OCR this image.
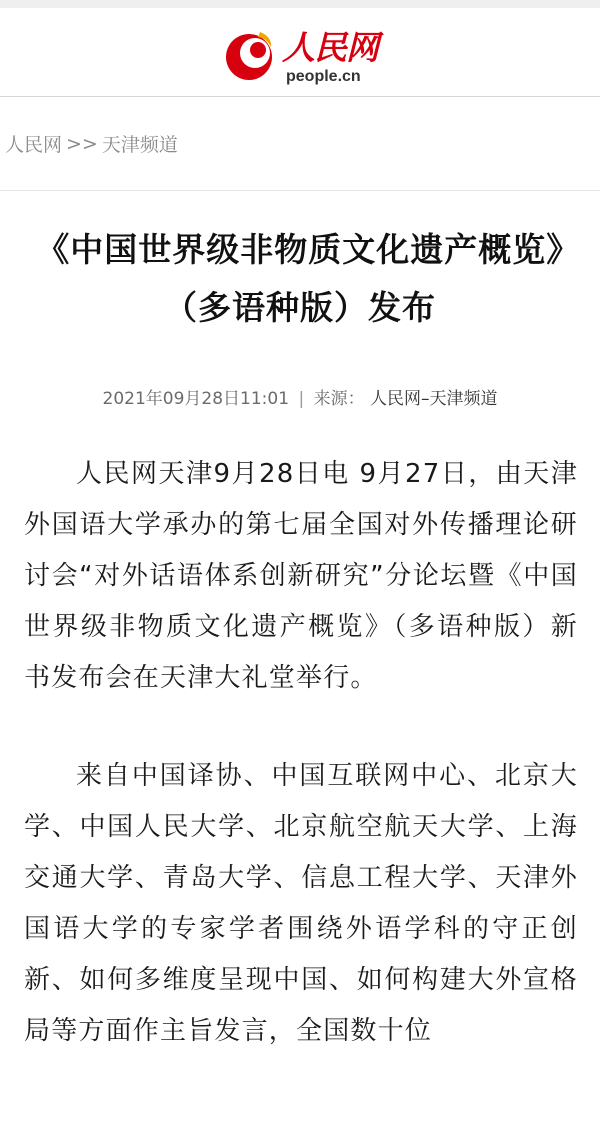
人民网
people.cn
人民网 >> 天津频道
《中国世界级非物质文化遗产概览》（多语种版）发布
2021年09月28日11:01 | 来源： 人民网–天津频道

人民网天津9月28日电 9月27日，由天津外国语大学承办的第七届全国对外传播理论研讨会“对外话语体系创新研究”分论坛暨《中国世界级非物质文化遗产概览》（多语种版）新书发布会在天津大礼堂举行。

来自中国译协、中国互联网中心、北京大学、中国人民大学、北京航空航天大学、上海交通大学、青岛大学、信息工程大学、天津外国语大学的专家学者围绕外语学科的守正创新、如何多维度呈现中国、如何构建大外宣格局等方面作主旨发言，全国数十位
